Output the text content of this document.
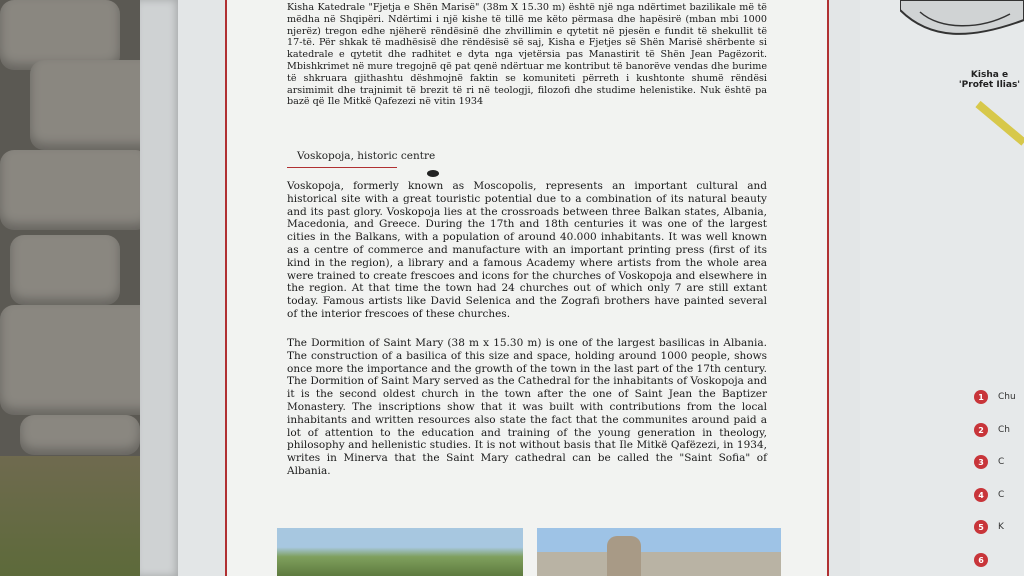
Kisha Katedrale "Fjetja e Shën Marisë" (38m X 15.30 m) është një nga ndërtimet bazilikale më të mëdha në Shqipëri. Ndërtimi i një kishe të tillë me këto përmasa dhe hapësirë (mban mbi 1000 njerëz) tregon edhe njëherë rëndësinë dhe zhvillimin e qytetit në pjesën e fundit të shekullit të 17-të. Për shkak të madhësisë dhe rëndësisë së saj, Kisha e Fjetjes së Shën Marisë shërbente si katedrale e qytetit dhe radhitet e dyta nga vjetërsia pas Manastirit të Shën Jean Pagëzorit. Mbishkrimet në mure tregojnë që pat qenë ndërtuar me kontribut të banorëve vendas dhe burime të shkruara gjithashtu dëshmojnë faktin se komuniteti përreth i kushtonte shumë rëndësi arsimimit dhe trajnimit të brezit të ri në teologji, filozofi dhe studime helenistike. Nuk është pa bazë që Ile Mitkë Qafezezi në vitin 1934
Voskopoja, historic centre
Voskopoja, formerly known as Moscopolis, represents an important cultural and historical site with a great touristic potential due to a combination of its natural beauty and its past glory. Voskopoja lies at the crossroads between three Balkan states, Albania, Macedonia, and Greece. During the 17th and 18th centuries it was one of the largest cities in the Balkans, with a population of around 40.000 inhabitants. It was well known as a centre of commerce and manufacture with an important printing press (first of its kind in the region), a library and a famous Academy where artists from the whole area were trained to create frescoes and icons for the churches of Voskopoja and elsewhere in the region. At that time the town had 24 churches out of which only 7 are still extant today. Famous artists like David Selenica and the Zografi brothers have painted several of the interior frescoes of these churches.
The Dormition of Saint Mary (38 m x 15.30 m) is one of the largest basilicas in Albania. The construction of a basilica of this size and space, holding around 1000 people, shows once more the importance and the growth of the town in the last part of the 17th century. The Dormition of Saint Mary served as the Cathedral for the inhabitants of Voskopoja and it is the second oldest church in the town after the one of Saint Jean the Baptizer Monastery. The inscriptions show that it was built with contributions from the local inhabitants and written resources also state the fact that the communites around paid a lot of attention to the education and training of the young generation in theology, philosophy and hellenistic studies. It is not without basis that Ile Mitkë Qafëzezi, in 1934, writes in Minerva that the Saint Mary cathedral can be called the "Saint Sofia" of Albania.
Kisha e 'Profet Ilias'
1	Chu
2	Ch
3	C
4	C
5	K
6
